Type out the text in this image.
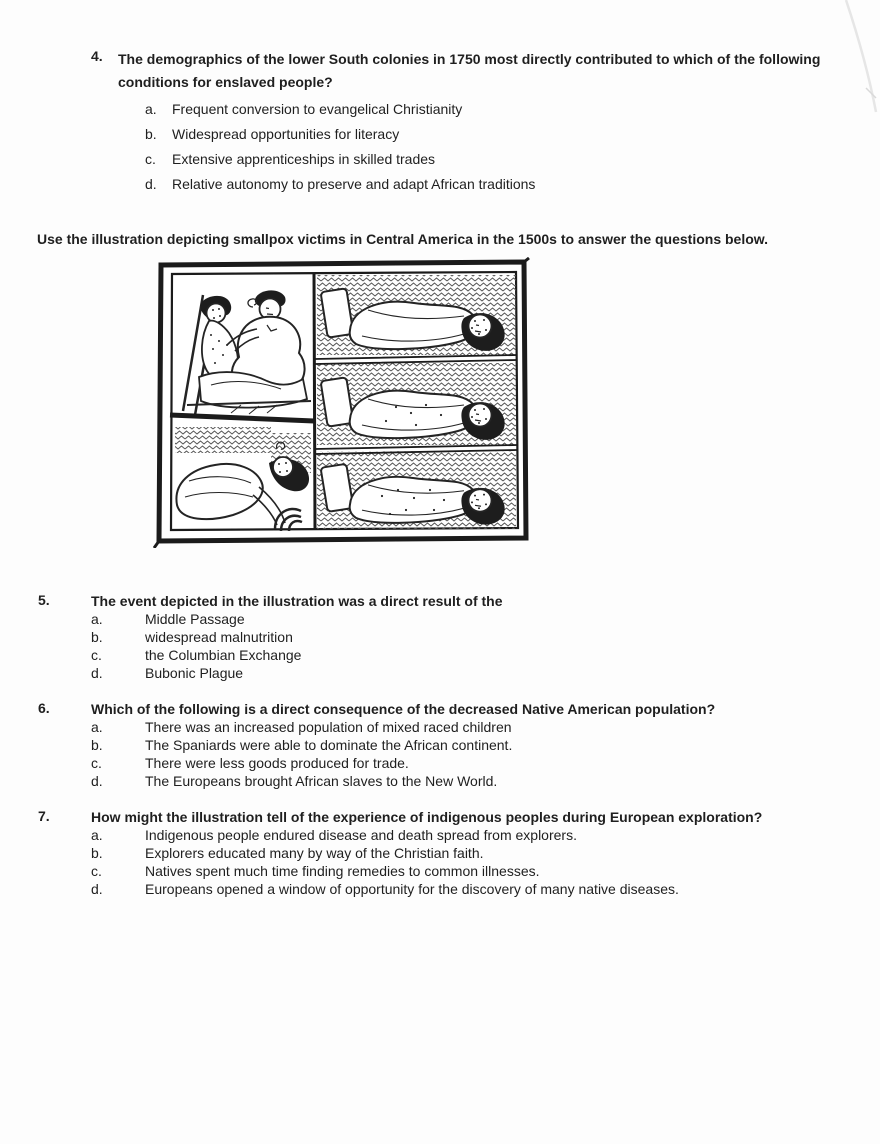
4. The demographics of the lower South colonies in 1750 most directly contributed to which of the following conditions for enslaved people?
a. Frequent conversion to evangelical Christianity
b. Widespread opportunities for literacy
c. Extensive apprenticeships in skilled trades
d. Relative autonomy to preserve and adapt African traditions
Use the illustration depicting smallpox victims in Central America in the 1500s to answer the questions below.
5.	The event depicted in the illustration was a direct result of the
a.	Middle Passage
b.	widespread malnutrition
c.	the Columbian Exchange
d.	Bubonic Plague
6.	Which of the following is a direct consequence of the decreased Native American population?
a.	There was an increased population of mixed raced children
b.	The Spaniards were able to dominate the African continent.
c.	There were less goods produced for trade.
d.	The Europeans brought African slaves to the New World.
7.	How might the illustration tell of the experience of indigenous peoples during European exploration?
a.	Indigenous people endured disease and death spread from explorers.
b.	Explorers educated many by way of the Christian faith.
c.	Natives spent much time finding remedies to common illnesses.
d.	Europeans opened a window of opportunity for the discovery of many native diseases.
